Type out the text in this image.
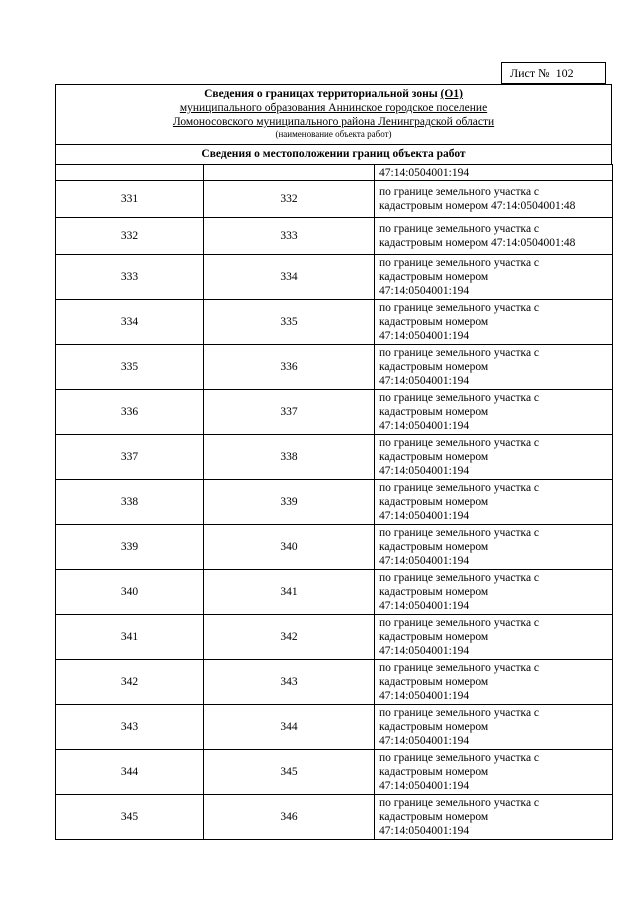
Лист №
102
Сведения о границах территориальной зоны (О1)
муниципального образования Аннинское городское поселение
Ломоносовского муниципального района Ленинградской области
(наименование объекта работ)
Сведения о местоположении границ объекта работ
		47:14:0504001:194
331	332	по границе земельного участка с
кадастровым номером 47:14:0504001:48

332	333	по границе земельного участка с
кадастровым номером 47:14:0504001:48

333	334	по границе земельного участка с
кадастровым номером
47:14:0504001:194

334	335	по границе земельного участка с
кадастровым номером
47:14:0504001:194

335	336	по границе земельного участка с
кадастровым номером
47:14:0504001:194

336	337	по границе земельного участка с
кадастровым номером
47:14:0504001:194

337	338	по границе земельного участка с
кадастровым номером
47:14:0504001:194

338	339	по границе земельного участка с
кадастровым номером
47:14:0504001:194

339	340	по границе земельного участка с
кадастровым номером
47:14:0504001:194

340	341	по границе земельного участка с
кадастровым номером
47:14:0504001:194

341	342	по границе земельного участка с
кадастровым номером
47:14:0504001:194

342	343	по границе земельного участка с
кадастровым номером
47:14:0504001:194

343	344	по границе земельного участка с
кадастровым номером
47:14:0504001:194

344	345	по границе земельного участка с
кадастровым номером
47:14:0504001:194

345	346	по границе земельного участка с
кадастровым номером
47:14:0504001:194
